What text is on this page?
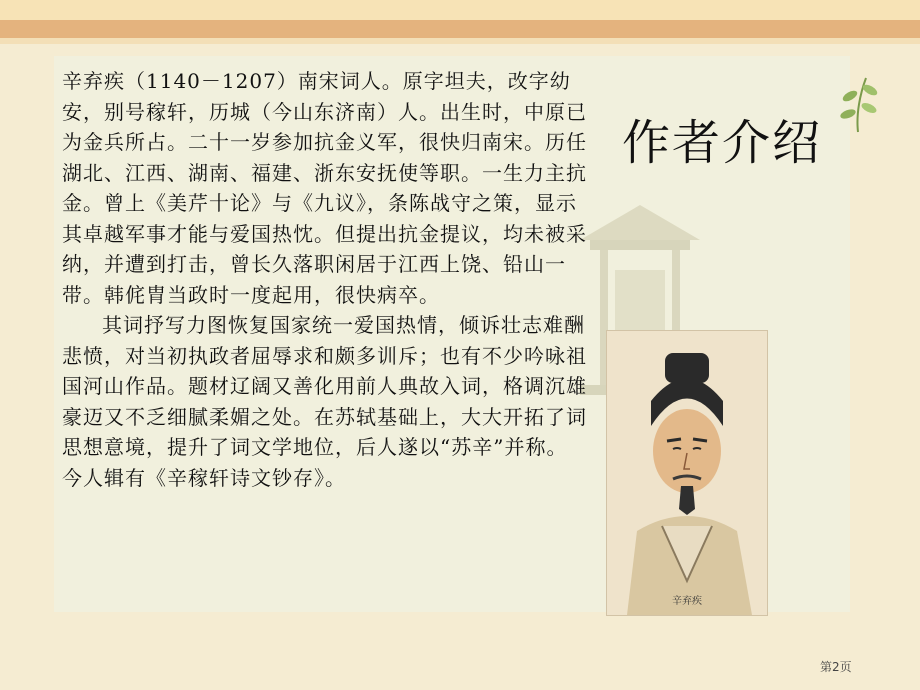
辛弃疾（1140－1207）南宋词人。原字坦夫，改字幼安，别号稼轩，历城（今山东济南）人。出生时，中原已为金兵所占。二十一岁参加抗金义军，很快归南宋。历任湖北、江西、湖南、福建、浙东安抚使等职。一生力主抗金。曾上《美芹十论》与《九议》，条陈战守之策，显示其卓越军事才能与爱国热忱。但提出抗金提议，均未被采纳，并遭到打击，曾长久落职闲居于江西上饶、铅山一带。韩侂胄当政时一度起用，很快病卒。

其词抒写力图恢复国家统一爱国热情，倾诉壮志难酬悲愤，对当初执政者屈辱求和颇多训斥；也有不少吟咏祖国河山作品。题材辽阔又善化用前人典故入词，格调沉雄豪迈又不乏细腻柔媚之处。在苏轼基础上，大大开拓了词思想意境，提升了词文学地位，后人遂以“苏辛”并称。今人辑有《辛稼轩诗文钞存》。

作者介绍
辛弃疾
第2页
